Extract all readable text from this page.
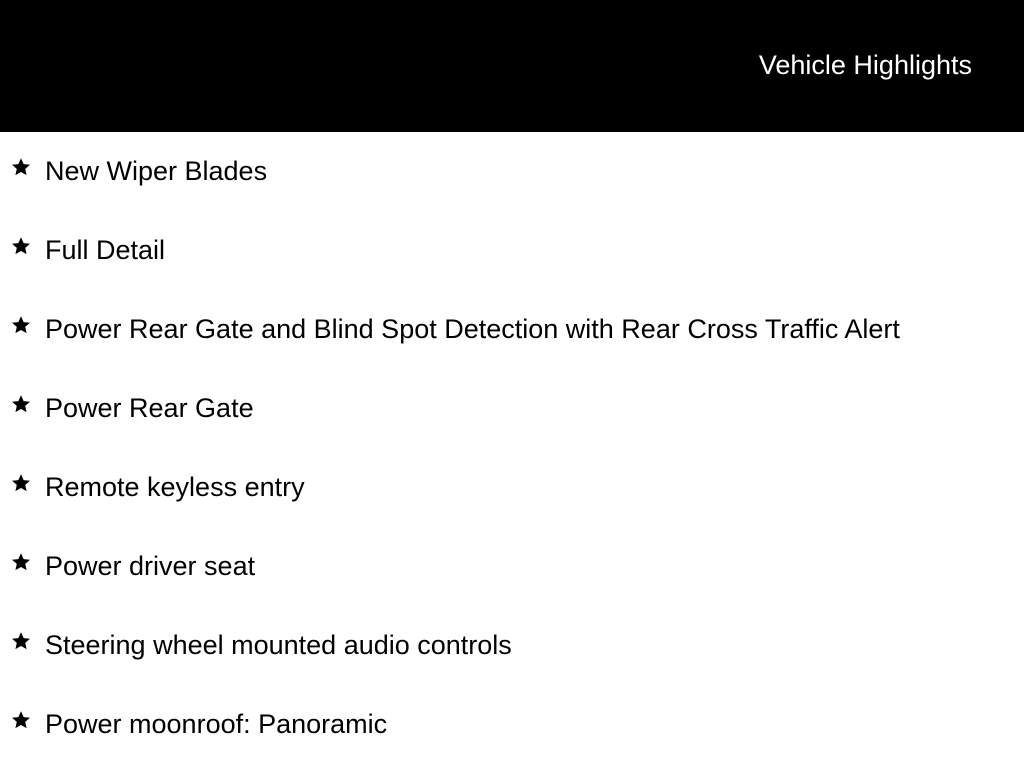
Vehicle Highlights
New Wiper Blades
Full Detail
Power Rear Gate and Blind Spot Detection with Rear Cross Traffic Alert
Power Rear Gate
Remote keyless entry
Power driver seat
Steering wheel mounted audio controls
Power moonroof: Panoramic
